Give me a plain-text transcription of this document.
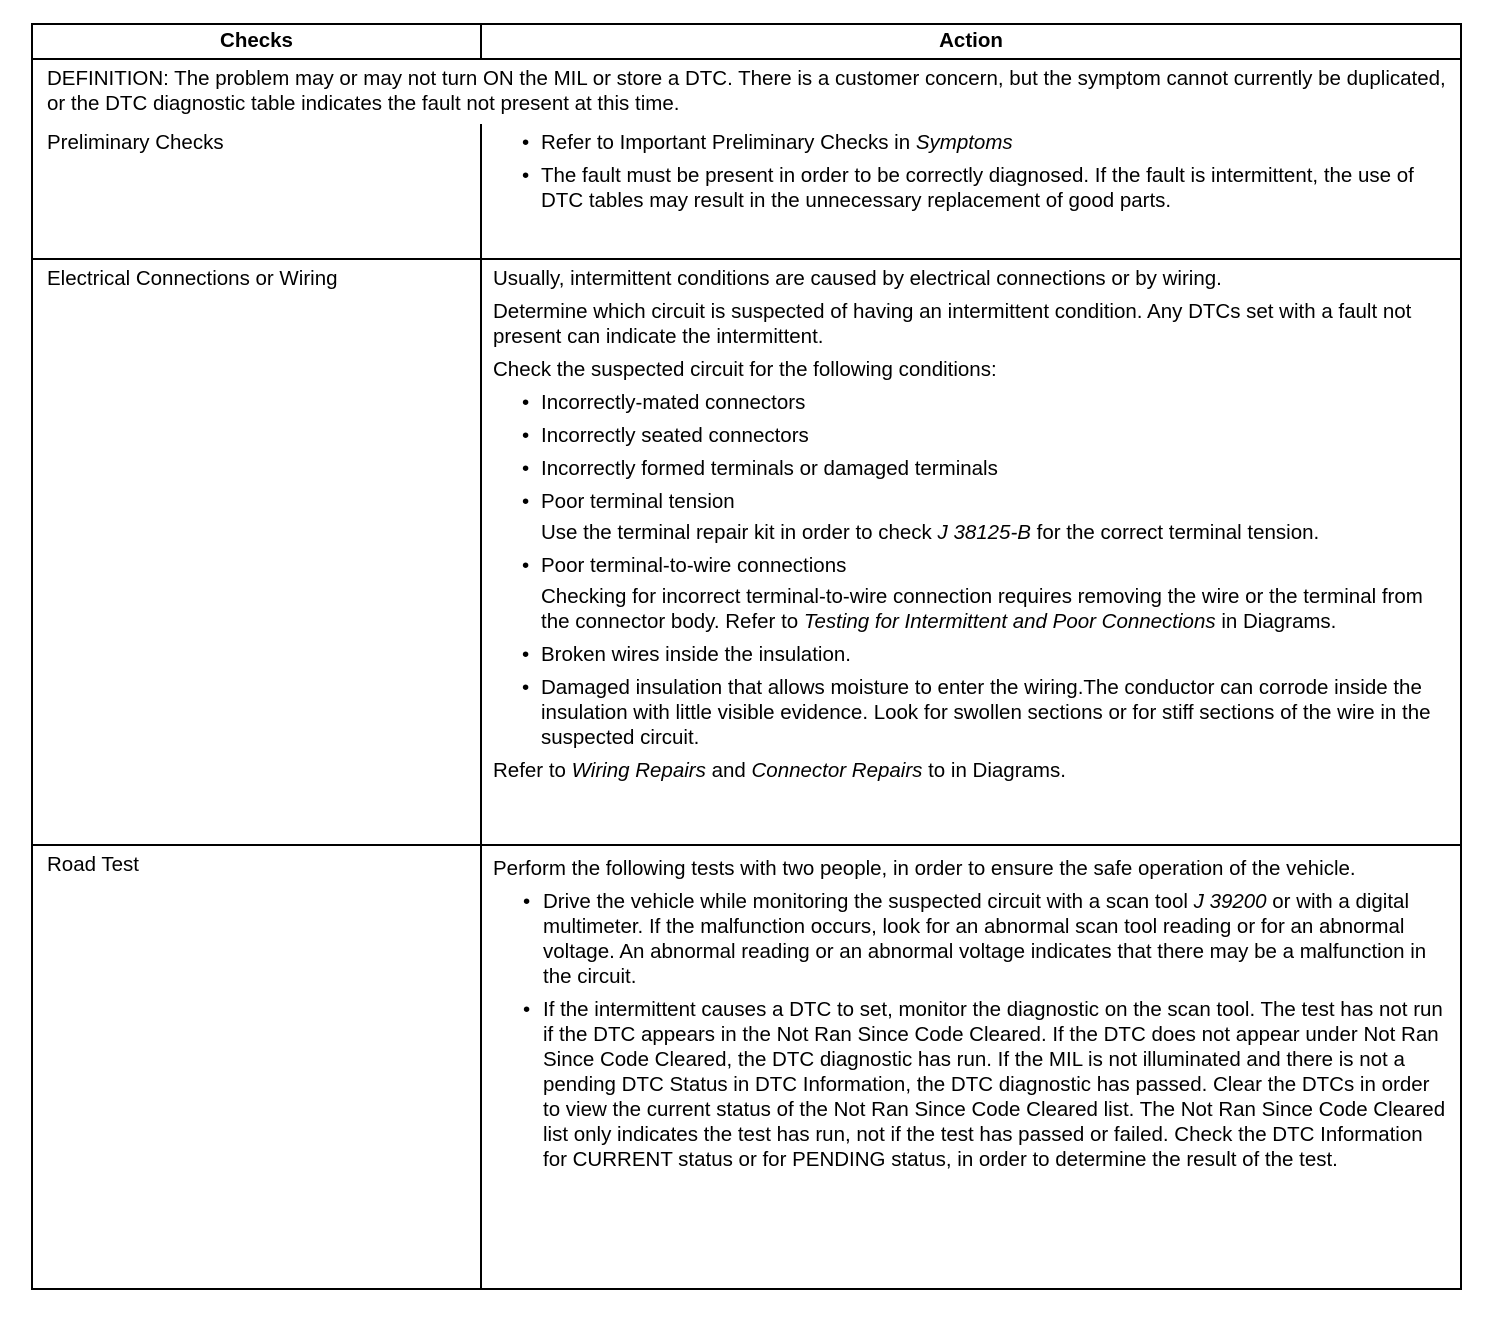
Checks	Action
DEFINITION: The problem may or may not turn ON the MIL or store a DTC. There is a customer concern, but the symptom cannot currently be duplicated, or the DTC diagnostic table indicates the fault not present at this time.
Preliminary Checks	• Refer to Important Preliminary Checks in Symptoms
• The fault must be present in order to be correctly diagnosed. If the fault is intermittent, the use of DTC tables may result in the unnecessary replacement of good parts.
Electrical Connections or Wiring	Usually, intermittent conditions are caused by electrical connections or by wiring.
Determine which circuit is suspected of having an intermittent condition. Any DTCs set with a fault not present can indicate the intermittent.
Check the suspected circuit for the following conditions:
• Incorrectly-mated connectors
• Incorrectly seated connectors
• Incorrectly formed terminals or damaged terminals
• Poor terminal tension
Use the terminal repair kit in order to check J 38125-B for the correct terminal tension.
• Poor terminal-to-wire connections
Checking for incorrect terminal-to-wire connection requires removing the wire or the terminal from the connector body. Refer to Testing for Intermittent and Poor Connections in Diagrams.
• Broken wires inside the insulation.
• Damaged insulation that allows moisture to enter the wiring.The conductor can corrode inside the insulation with little visible evidence. Look for swollen sections or for stiff sections of the wire in the suspected circuit.
Refer to Wiring Repairs and Connector Repairs to in Diagrams.
Road Test	Perform the following tests with two people, in order to ensure the safe operation of the vehicle.
• Drive the vehicle while monitoring the suspected circuit with a scan tool J 39200 or with a digital multimeter. If the malfunction occurs, look for an abnormal scan tool reading or for an abnormal voltage. An abnormal reading or an abnormal voltage indicates that there may be a malfunction in the circuit.
• If the intermittent causes a DTC to set, monitor the diagnostic on the scan tool. The test has not run if the DTC appears in the Not Ran Since Code Cleared. If the DTC does not appear under Not Ran Since Code Cleared, the DTC diagnostic has run. If the MIL is not illuminated and there is not a pending DTC Status in DTC Information, the DTC diagnostic has passed. Clear the DTCs in order to view the current status of the Not Ran Since Code Cleared list. The Not Ran Since Code Cleared list only indicates the test has run, not if the test has passed or failed. Check the DTC Information for CURRENT status or for PENDING status, in order to determine the result of the test.
